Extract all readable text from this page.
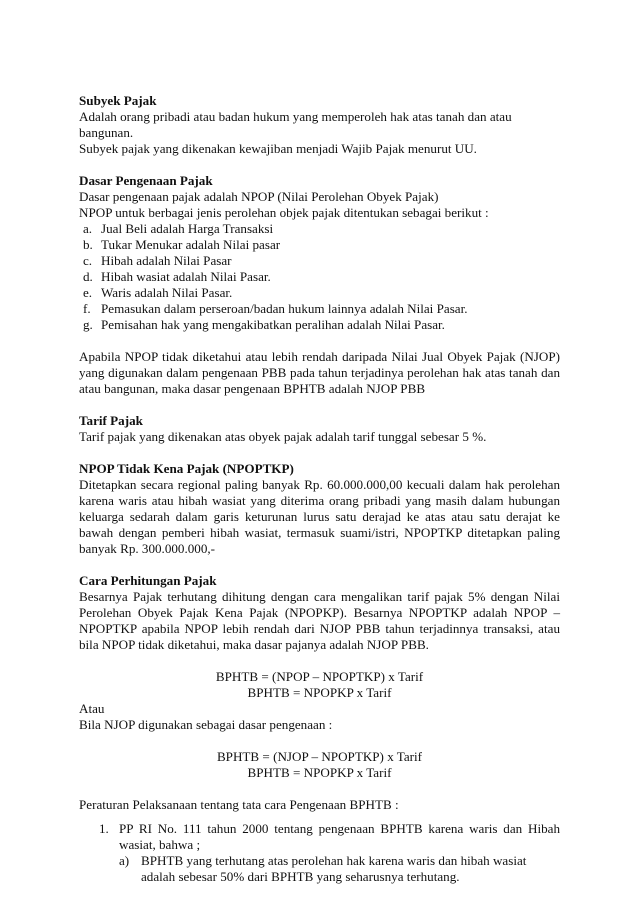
Subyek Pajak

Adalah orang pribadi atau badan hukum yang memperoleh hak atas tanah dan atau bangunan.

Subyek pajak yang dikenakan kewajiban menjadi Wajib Pajak menurut UU.

Dasar Pengenaan Pajak

Dasar pengenaan pajak adalah NPOP (Nilai Perolehan Obyek Pajak)

NPOP untuk berbagai jenis perolehan objek pajak ditentukan sebagai berikut :

a. Jual Beli adalah Harga Transaksi
b. Tukar Menukar adalah Nilai pasar
c. Hibah adalah Nilai Pasar
d. Hibah wasiat adalah Nilai Pasar.
e. Waris adalah Nilai Pasar.
f. Pemasukan dalam perseroan/badan hukum lainnya adalah Nilai Pasar.
g. Pemisahan hak yang mengakibatkan peralihan adalah Nilai Pasar.

Apabila NPOP tidak diketahui atau lebih rendah daripada Nilai Jual Obyek Pajak (NJOP) yang digunakan dalam pengenaan PBB pada tahun terjadinya perolehan hak atas tanah dan atau bangunan, maka dasar pengenaan BPHTB adalah NJOP PBB

Tarif Pajak

Tarif pajak yang dikenakan atas obyek pajak adalah tarif tunggal sebesar 5 %.

NPOP Tidak Kena Pajak (NPOPTKP)

Ditetapkan secara regional paling banyak Rp. 60.000.000,00 kecuali dalam hak perolehan karena waris atau hibah wasiat yang diterima orang pribadi yang masih dalam hubungan keluarga sedarah dalam garis keturunan lurus satu derajad ke atas atau satu derajat ke bawah dengan pemberi hibah wasiat, termasuk suami/istri, NPOPTKP ditetapkan paling banyak Rp. 300.000.000,-

Cara Perhitungan Pajak

Besarnya Pajak terhutang dihitung dengan cara mengalikan tarif pajak 5% dengan Nilai Perolehan Obyek Pajak Kena Pajak (NPOPKP). Besarnya NPOPTKP adalah NPOP – NPOPTKP apabila NPOP lebih rendah dari NJOP PBB tahun terjadinnya transaksi, atau bila NPOP tidak diketahui, maka dasar pajanya adalah NJOP PBB.

BPHTB = (NPOP – NPOPTKP) x Tarif

BPHTB = NPOPKP x Tarif

Atau

Bila NJOP digunakan sebagai dasar pengenaan :

BPHTB = (NJOP – NPOPTKP) x Tarif

BPHTB = NPOPKP x Tarif

Peraturan Pelaksanaan tentang tata cara Pengenaan BPHTB :

1. PP RI No. 111 tahun 2000 tentang pengenaan BPHTB karena waris dan Hibah wasiat, bahwa ;

a) BPHTB yang terhutang atas perolehan hak karena waris dan hibah wasiat adalah sebesar 50% dari BPHTB yang seharusnya terhutang.
